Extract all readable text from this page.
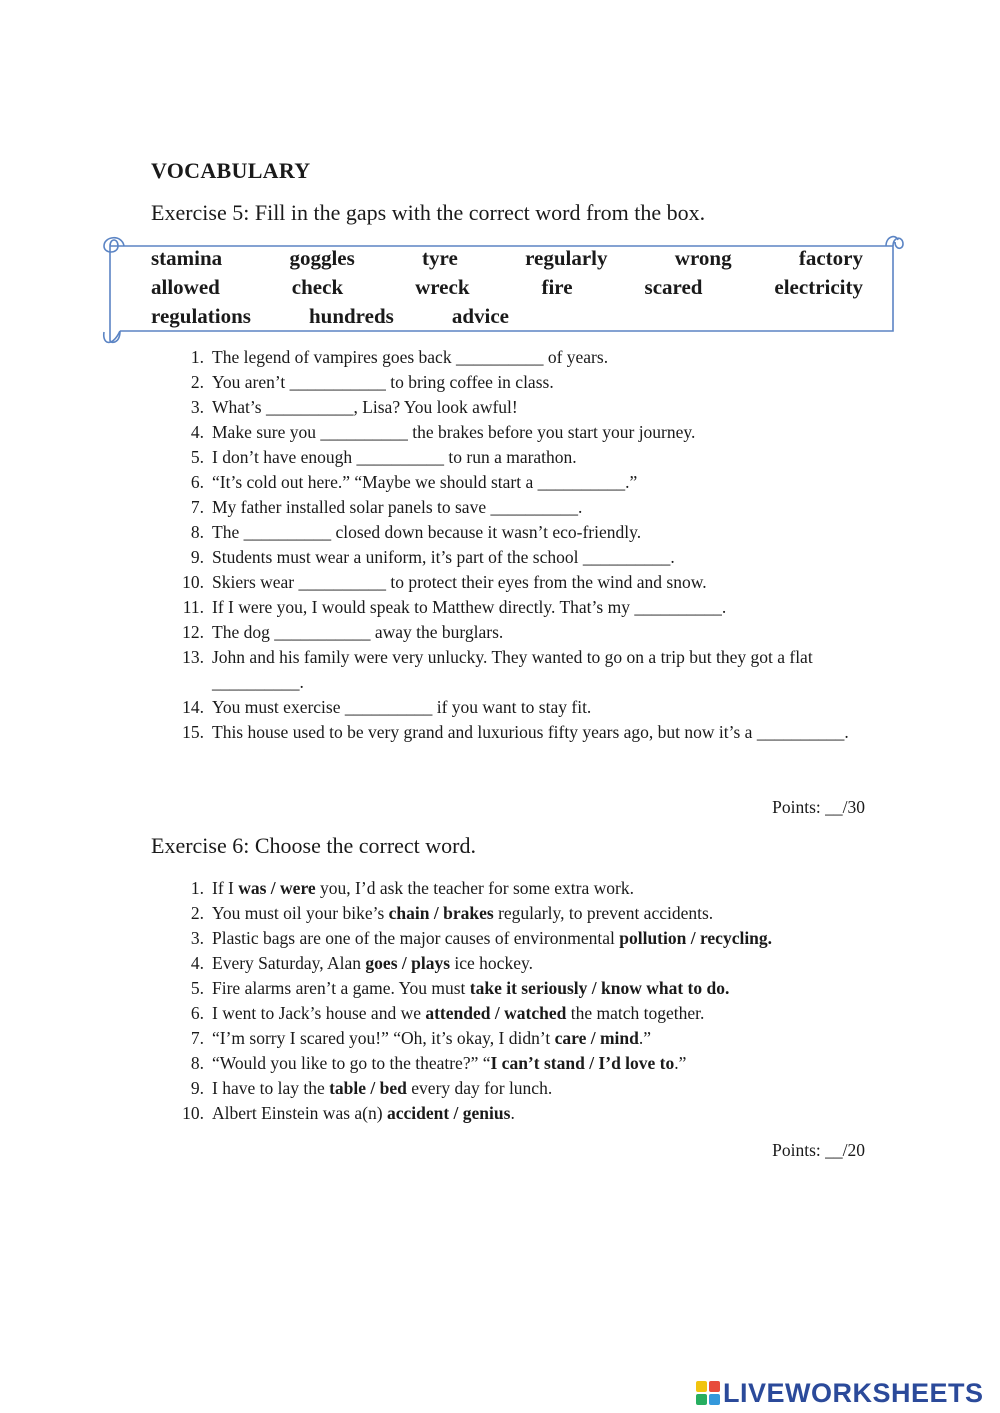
VOCABULARY
Exercise 5: Fill in the gaps with the correct word from the box.
stamina	goggles	tyre	regularly	wrong	factory
allowed	check	wreck	fire	scared	electricity
regulations	hundreds	advice
1. The legend of vampires goes back __________ of years.
2. You aren’t ___________ to bring coffee in class.
3. What’s __________, Lisa? You look awful!
4. Make sure you __________ the brakes before you start your journey.
5. I don’t have enough __________ to run a marathon.
6. “It’s cold out here.” “Maybe we should start a __________.”
7. My father installed solar panels to save __________.
8. The __________ closed down because it wasn’t eco-friendly.
9. Students must wear a uniform, it’s part of the school __________.
10. Skiers wear __________ to protect their eyes from the wind and snow.
11. If I were you, I would speak to Matthew directly. That’s my __________.
12. The dog ___________ away the burglars.
13. John and his family were very unlucky. They wanted to go on a trip but they got a flat __________.
14. You must exercise __________ if you want to stay fit.
15. This house used to be very grand and luxurious fifty years ago, but now it’s a __________.
Points: __/30
Exercise 6: Choose the correct word.
1. If I was / were you, I’d ask the teacher for some extra work.
2. You must oil your bike’s chain / brakes regularly, to prevent accidents.
3. Plastic bags are one of the major causes of environmental pollution / recycling.
4. Every Saturday, Alan goes / plays ice hockey.
5. Fire alarms aren’t a game. You must take it seriously / know what to do.
6. I went to Jack’s house and we attended / watched the match together.
7. “I’m sorry I scared you!” “Oh, it’s okay, I didn’t care / mind.”
8. “Would you like to go to the theatre?” “I can’t stand / I’d love to.”
9. I have to lay the table / bed every day for lunch.
10. Albert Einstein was a(n) accident / genius.
Points: __/20
LIVEWORKSHEETS
